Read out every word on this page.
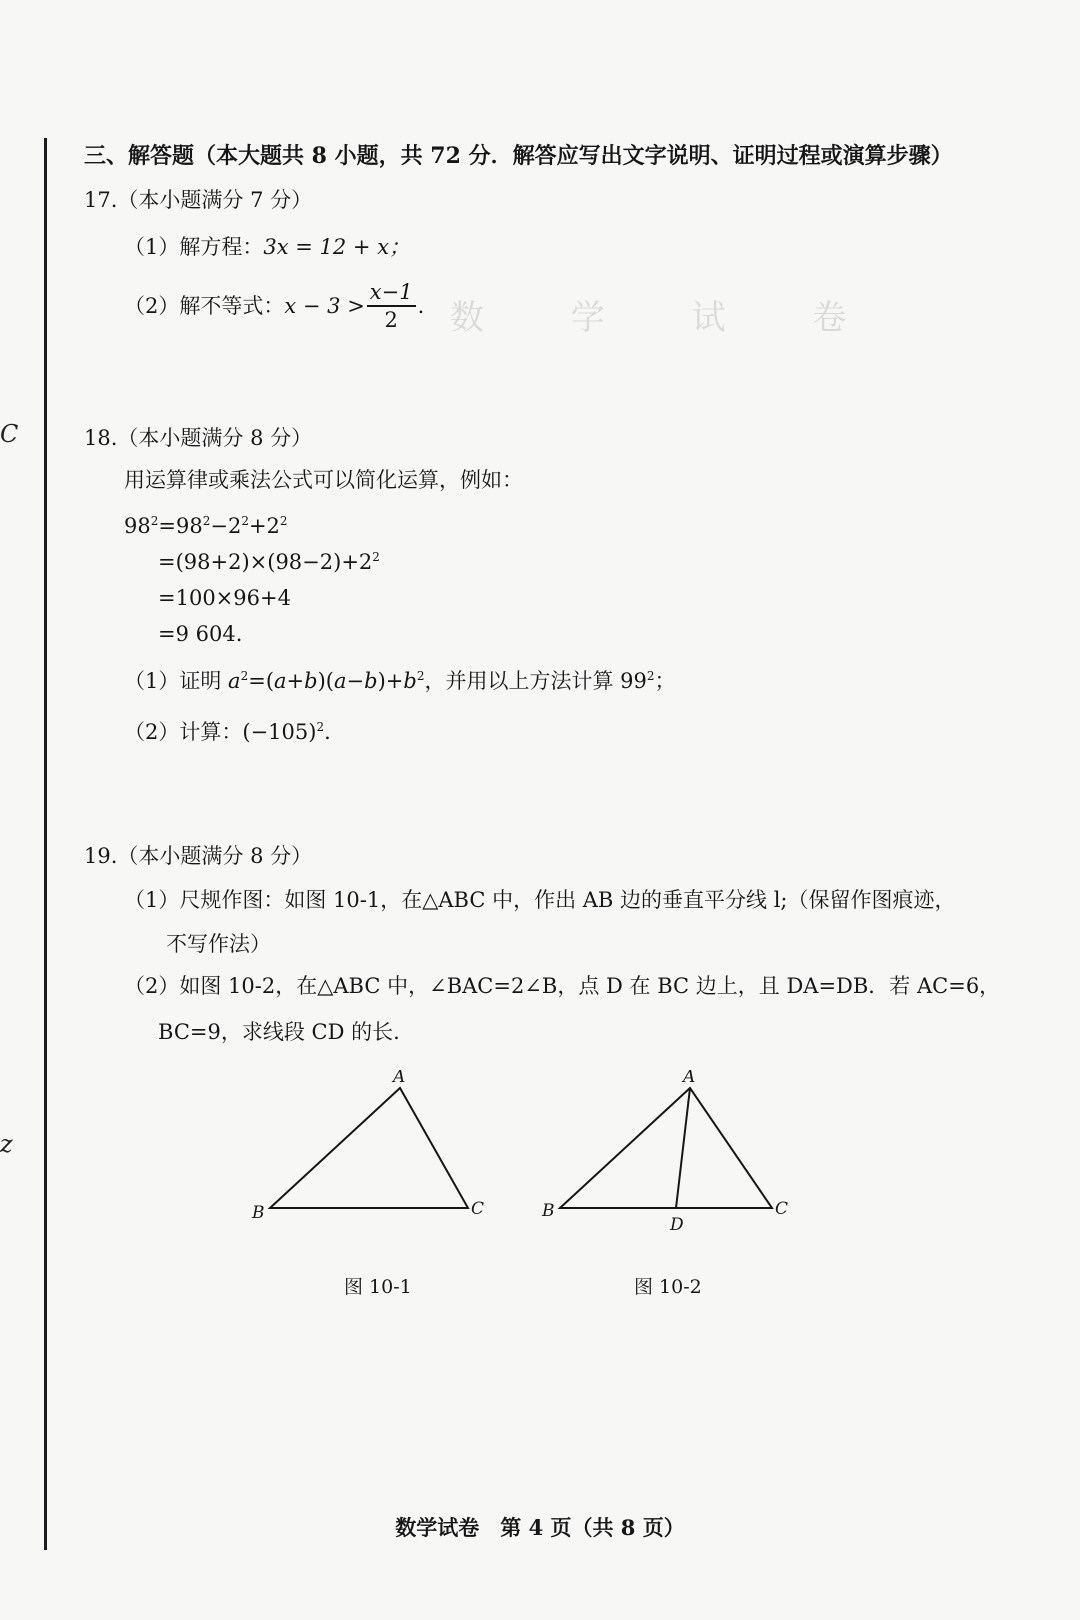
数 学 试 卷
C
z
三、解答题（本大题共 8 小题，共 72 分．解答应写出文字说明、证明过程或演算步骤）
17.（本小题满分 7 分）
（1）解方程：3x = 12 + x；
（2）解不等式：$x - 3 > \frac{x-1}{2}$ .
18.（本小题满分 8 分）
用运算律或乘法公式可以简化运算，例如：
$98^2=98^2-2^2+2^2$
$=(98+2)\times(98-2)+2^2$
=100×96+4
=9 604.
（1）证明 $a^2=(a+b)(a-b)+b^2$，并用以上方法计算 $99^2$；
（2）计算：$(-105)^2$.
19.（本小题满分 8 分）
（1）尺规作图：如图 10-1，在△ABC 中，作出 AB 边的垂直平分线 l;（保留作图痕迹，
不写作法）
（2）如图 10-2，在△ABC 中，∠BAC=2∠B，点 D 在 BC 边上，且 DA=DB．若 AC=6，
BC=9，求线段 CD 的长.
A
B	C
图 10-1
A
B	C
D
图 10-2
数学试卷　第 4 页（共 8 页）
